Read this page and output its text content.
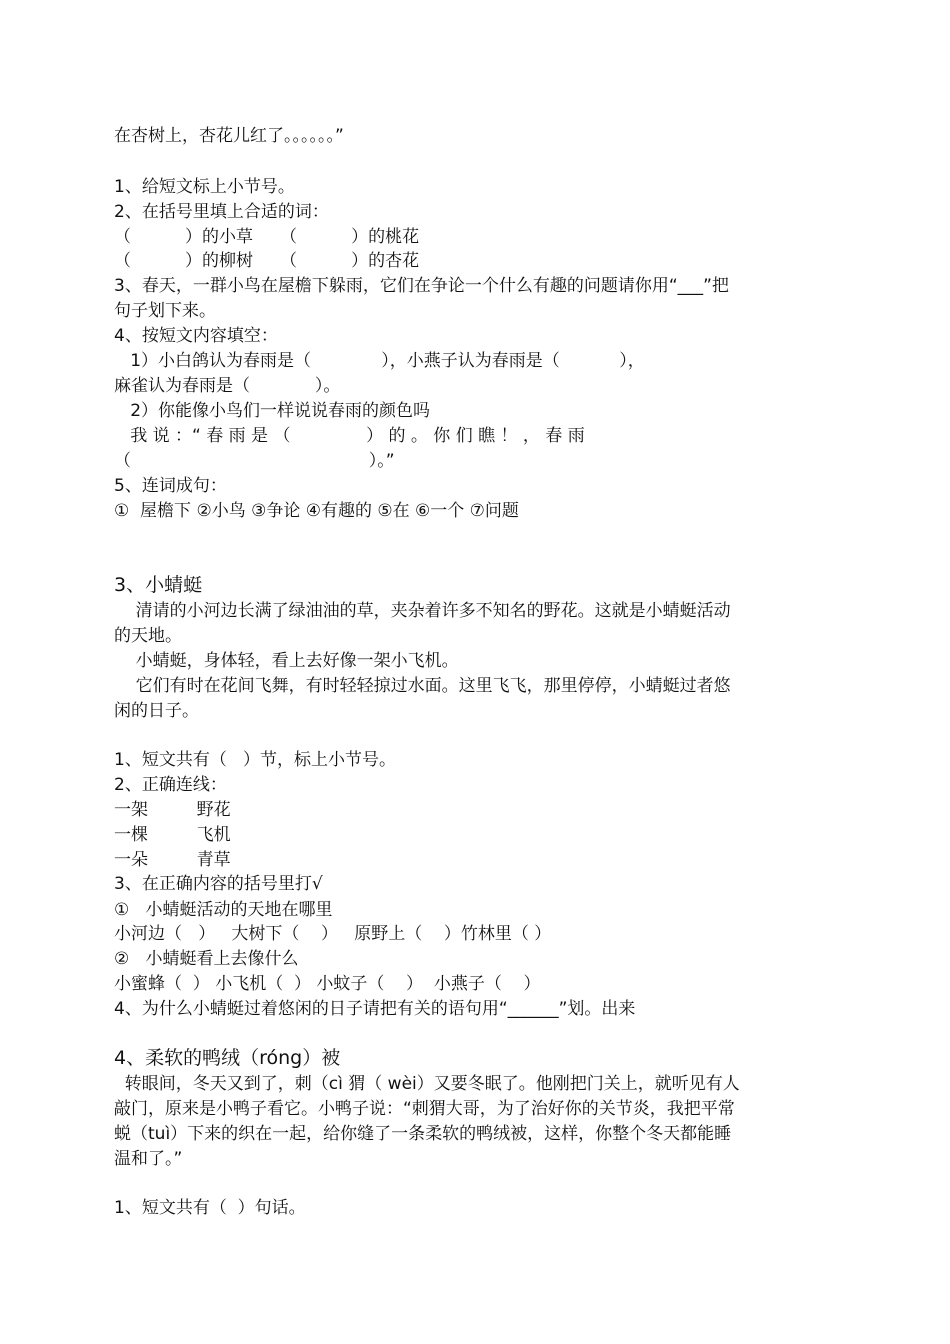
在杏树上，杏花儿红了。。。。。。”
1、给短文标上小节号。
2、在括号里填上合适的词：
（          ）的小草     （          ）的桃花
（          ）的柳树     （          ）的杏花
3、春天，一群小鸟在屋檐下躲雨，它们在争论一个什么有趣的问题请你用“___”把
句子划下来。
4、按短文内容填空：
1）小白鸽认为春雨是（             ），小燕子认为春雨是（           ），
麻雀认为春雨是（            ）。
2）你能像小鸟们一样说说春雨的颜色吗
我 说 ：“ 春 雨 是 （              ） 的 。 你 们 瞧 ！ ， 春 雨
（                                            ）。”
5、连词成句：
①  屋檐下 ②小鸟 ③争论 ④有趣的 ⑤在 ⑥一个 ⑦问题
3、小蜻蜓
清请的小河边长满了绿油油的草，夹杂着许多不知名的野花。这就是小蜻蜓活动
的天地。
小蜻蜓，身体轻，看上去好像一架小飞机。
它们有时在花间飞舞，有时轻轻掠过水面。这里飞飞，那里停停，小蜻蜓过者悠
闲的日子。
1、短文共有（   ）节，标上小节号。
2、正确连线：
一架         野花
一棵         飞机
一朵         青草
3、在正确内容的括号里打√
①   小蜻蜓活动的天地在哪里
小河边（   ）   大树下（    ）   原野上（    ）竹林里（ ）
②   小蜻蜓看上去像什么
小蜜蜂（  ） 小飞机（  ） 小蚊子（    ）  小燕子（    ）
4、为什么小蜻蜓过着悠闲的日子请把有关的语句用“______”划。出来
4、柔软的鸭绒（róng）被
转眼间，冬天又到了，刺（cì 猬（ wèi）又要冬眠了。他刚把门关上，就听见有人
敲门，原来是小鸭子看它。小鸭子说：“刺猬大哥，为了治好你的关节炎，我把平常
蜕（tuì）下来的织在一起，给你缝了一条柔软的鸭绒被，这样，你整个冬天都能睡
温和了。”
1、短文共有（  ）句话。
